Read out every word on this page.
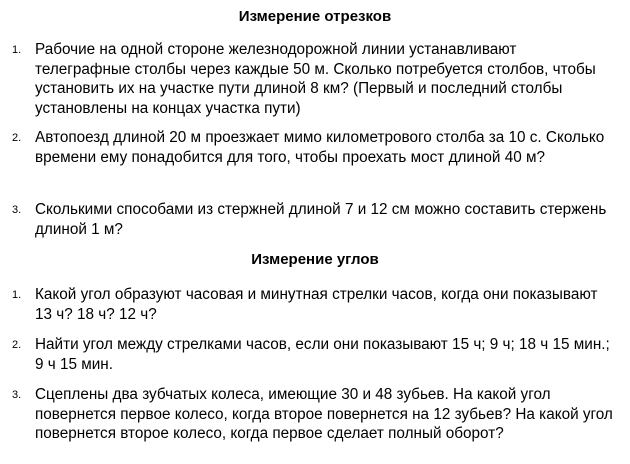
Измерение отрезков
1. Рабочие на одной стороне железнодорожной линии устанавливают телеграфные столбы через каждые 50 м. Сколько потребуется столбов, чтобы установить их на участке пути длиной 8 км? (Первый и последний столбы установлены на концах участка пути)

2. Автопоезд длиной 20 м проезжает мимо километрового столба за 10 с. Сколько времени ему понадобится для того, чтобы проехать мост длиной 40 м?

3. Сколькими способами из стержней длиной 7 и 12 см можно составить стержень длиной 1 м?

Измерение углов
1. Какой угол образуют часовая и минутная стрелки часов, когда они показывают 13 ч? 18 ч? 12 ч?

2. Найти угол между стрелками часов, если они показывают 15 ч; 9 ч; 18 ч 15 мин.; 9 ч 15 мин.

3. Сцеплены два зубчатых колеса, имеющие 30 и 48 зубьев. На какой угол повернется первое колесо, когда второе повернется на 12 зубьев? На какой угол повернется второе колесо, когда первое сделает полный оборот?
